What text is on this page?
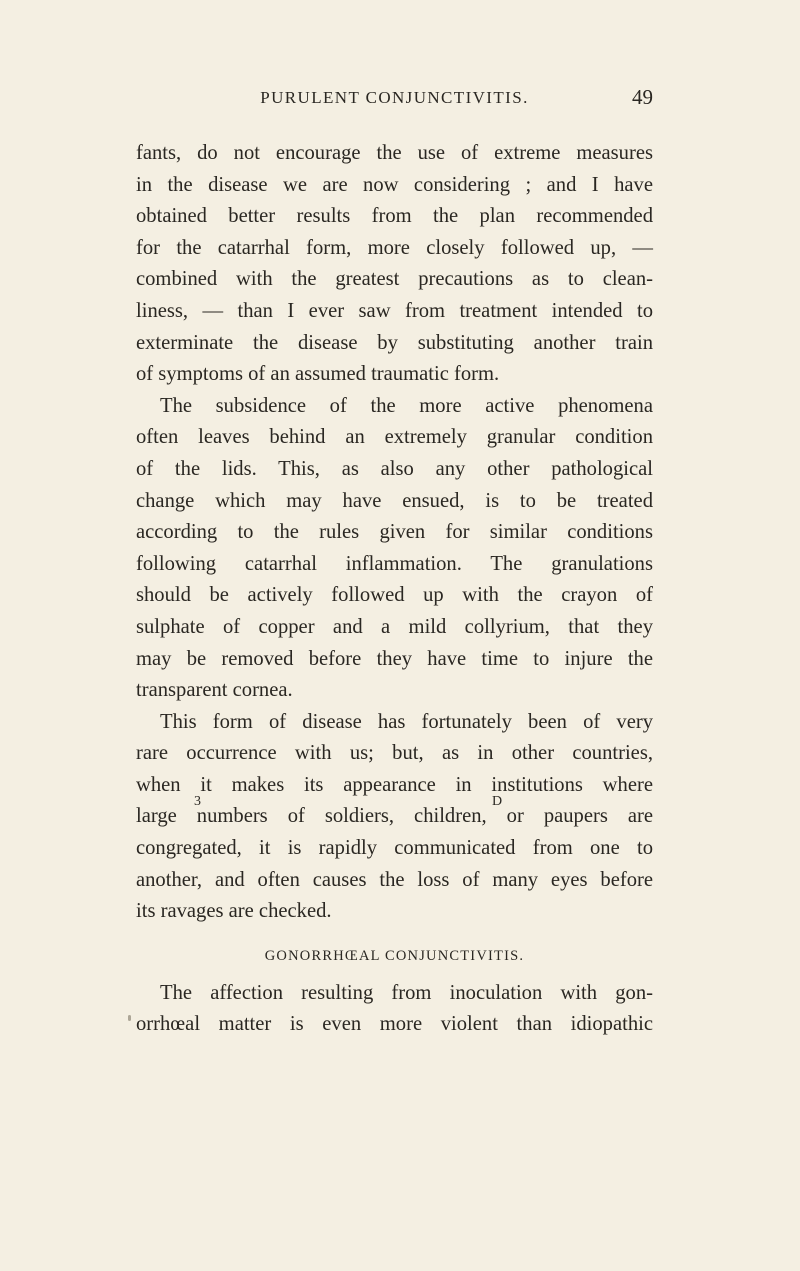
PURULENT CONJUNCTIVITIS.	49
fants, do not encourage the use of extreme measures
in the disease we are now considering ; and I have
obtained better results from the plan recommended
for the catarrhal form, more closely followed up, —
combined with the greatest precautions as to clean-
liness, — than I ever saw from treatment intended to
exterminate the disease by substituting another train
of symptoms of an assumed traumatic form.
The subsidence of the more active phenomena
often leaves behind an extremely granular condition
of the lids. This, as also any other pathological
change which may have ensued, is to be treated
according to the rules given for similar conditions
following catarrhal inflammation. The granulations
should be actively followed up with the crayon of
sulphate of copper and a mild collyrium, that they
may be removed before they have time to injure the
transparent cornea.
This form of disease has fortunately been of very
rare occurrence with us; but, as in other countries,
when it makes its appearance in institutions where
large numbers of soldiers, children, or paupers are
congregated, it is rapidly communicated from one to
another, and often causes the loss of many eyes before
its ravages are checked.
GONORRHŒAL CONJUNCTIVITIS.
The affection resulting from inoculation with gon-
orrhœal matter is even more violent than idiopathic
3	D
